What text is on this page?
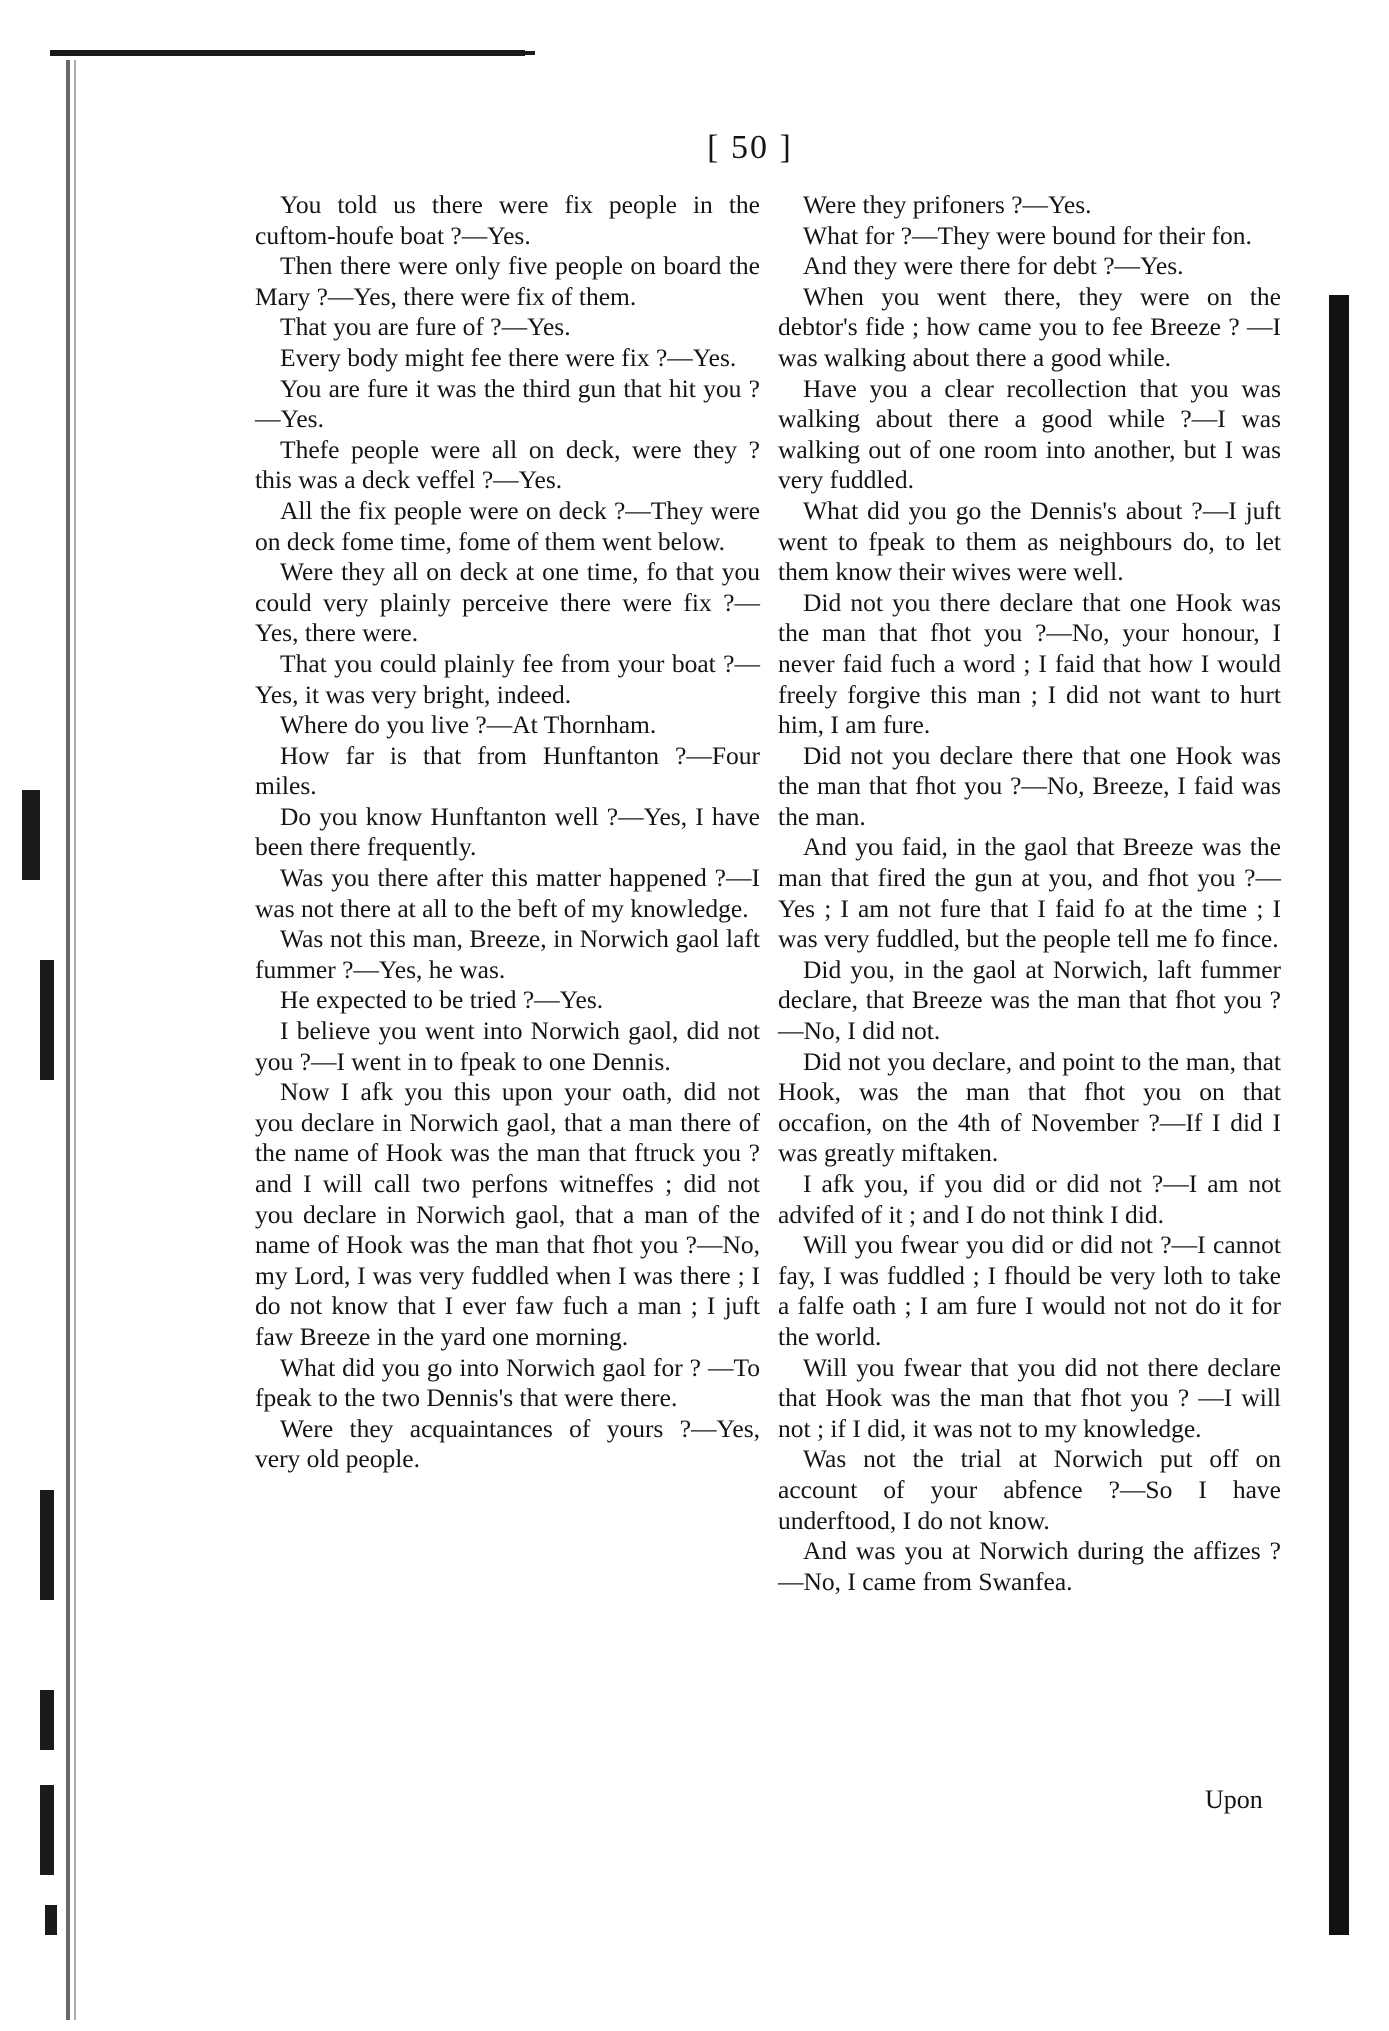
[ 50 ]

You told us there were fix people in the cuftom-houfe boat ?—Yes.

Then there were only five people on board the Mary ?—Yes, there were fix of them.

That you are fure of ?—Yes.

Every body might fee there were fix ?—Yes.

You are fure it was the third gun that hit you ?—Yes.

Thefe people were all on deck, were they ? this was a deck veffel ?—Yes.

All the fix people were on deck ?—They were on deck fome time, fome of them went below.

Were they all on deck at one time, fo that you could very plainly perceive there were fix ?—Yes, there were.

That you could plainly fee from your boat ?—Yes, it was very bright, indeed.

Where do you live ?—At Thornham.

How far is that from Hunftanton ?—Four miles.

Do you know Hunftanton well ?—Yes, I have been there frequently.

Was you there after this matter happened ?—I was not there at all to the beft of my knowledge.

Was not this man, Breeze, in Norwich gaol laft fummer ?—Yes, he was.

He expected to be tried ?—Yes.

I believe you went into Norwich gaol, did not you ?—I went in to fpeak to one Dennis.

Now I afk you this upon your oath, did not you declare in Norwich gaol, that a man there of the name of Hook was the man that ftruck you ? and I will call two perfons witneffes ; did not you declare in Norwich gaol, that a man of the name of Hook was the man that fhot you ?—No, my Lord, I was very fuddled when I was there ; I do not know that I ever faw fuch a man ; I juft faw Breeze in the yard one morning.

What did you go into Norwich gaol for ? —To fpeak to the two Dennis's that were there.

Were they acquaintances of yours ?—Yes, very old people.

Were they prifoners ?—Yes.

What for ?—They were bound for their fon.

And they were there for debt ?—Yes.

When you went there, they were on the debtor's fide ; how came you to fee Breeze ? —I was walking about there a good while.

Have you a clear recollection that you was walking about there a good while ?—I was walking out of one room into another, but I was very fuddled.

What did you go the Dennis's about ?—I juft went to fpeak to them as neighbours do, to let them know their wives were well.

Did not you there declare that one Hook was the man that fhot you ?—No, your honour, I never faid fuch a word ; I faid that how I would freely forgive this man ; I did not want to hurt him, I am fure.

Did not you declare there that one Hook was the man that fhot you ?—No, Breeze, I faid was the man.

And you faid, in the gaol that Breeze was the man that fired the gun at you, and fhot you ?—Yes ; I am not fure that I faid fo at the time ; I was very fuddled, but the people tell me fo fince.

Did you, in the gaol at Norwich, laft fummer declare, that Breeze was the man that fhot you ?—No, I did not.

Did not you declare, and point to the man, that Hook, was the man that fhot you on that occafion, on the 4th of November ?—If I did I was greatly miftaken.

I afk you, if you did or did not ?—I am not advifed of it ; and I do not think I did.

Will you fwear you did or did not ?—I cannot fay, I was fuddled ; I fhould be very loth to take a falfe oath ; I am fure I would not not do it for the world.

Will you fwear that you did not there declare that Hook was the man that fhot you ? —I will not ; if I did, it was not to my knowledge.

Was not the trial at Norwich put off on account of your abfence ?—So I have underftood, I do not know.

And was you at Norwich during the affizes ?—No, I came from Swanfea.

Upon
